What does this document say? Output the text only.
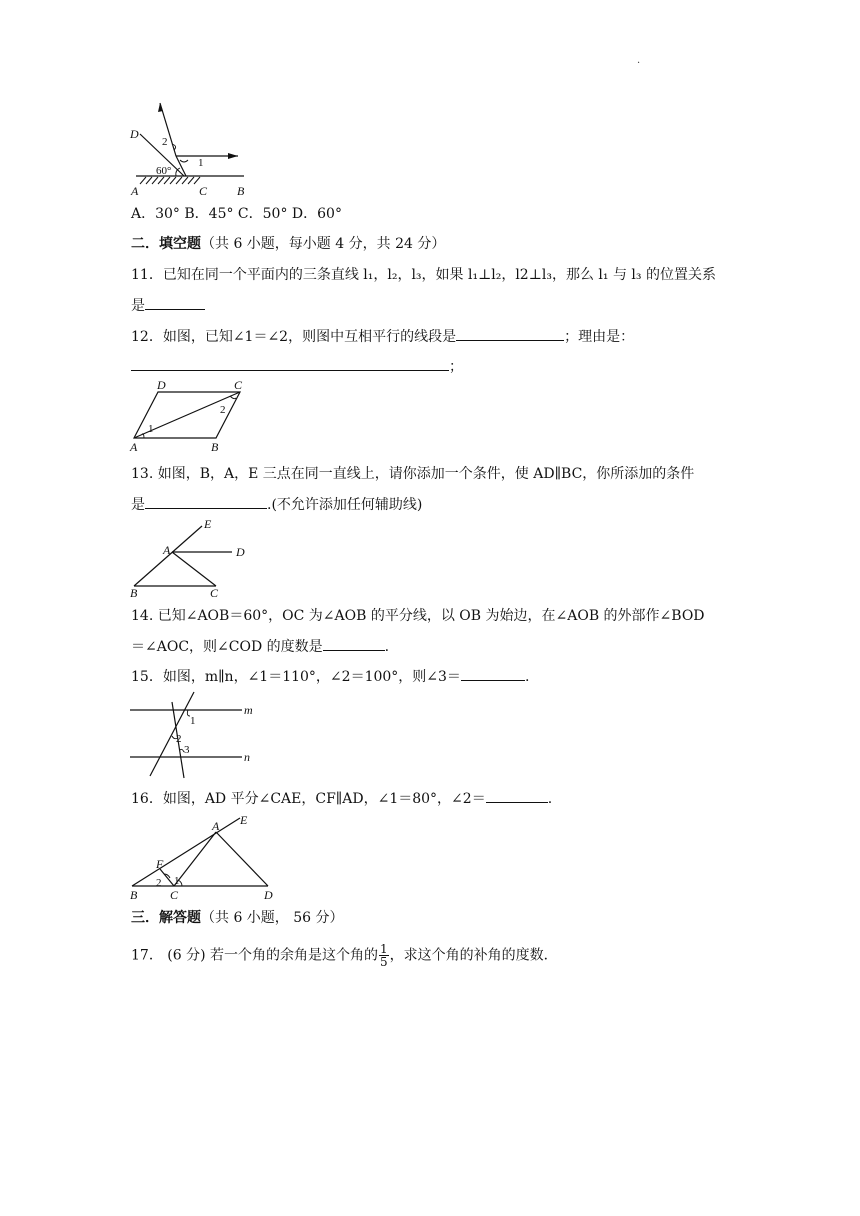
·
D
A	C B
60°
1
2
A．30° B．45° C．50° D．60°
二．填空题（共 6 小题，每小题 4 分，共 24 分）
11．已知在同一个平面内的三条直线 l₁，l₂，l₃，如果 l₁⊥l₂，l2⊥l₃，那么 l₁ 与 l₃ 的位置关系
是
12．如图，已知∠1＝∠2，则图中互相平行的线段是	；理由是：
；
D	C
A	B
1
2
13. 如图，B，A，E 三点在同一直线上，请你添加一个条件，使 AD∥BC，你所添加的条件
是	.(不允许添加任何辅助线)
E
A	D
B	C
14. 已知∠AOB＝60°，OC 为∠AOB 的平分线，以 OB 为始边，在∠AOB 的外部作∠BOD
＝∠AOC，则∠COD 的度数是	.
15．如图，m∥n，∠1＝110°，∠2＝100°，则∠3＝	.
m
n
1
2
3
16．如图，AD 平分∠CAE，CF∥AD，∠1＝80°，∠2＝	.
A E
F
B	C	D
1
2
三．解答题（共 6 小题， 56 分）
17． (6 分) 若一个角的余角是这个角的 $\frac{1}{5}$ ，求这个角的补角的度数．
